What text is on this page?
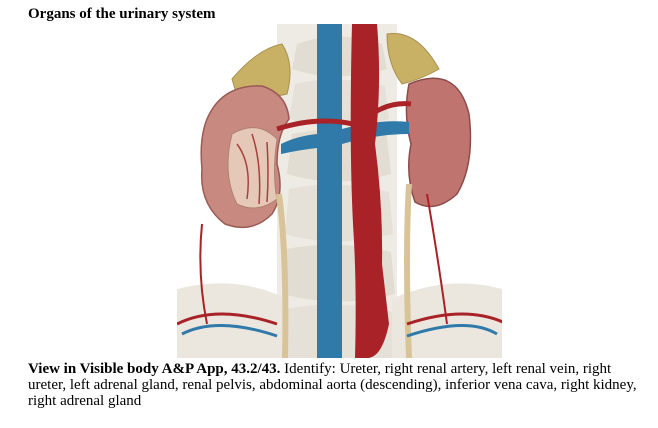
Organs of the urinary system
View in Visible body A&P App, 43.2/43. Identify: Ureter, right renal artery, left renal vein, right ureter, left adrenal gland, renal pelvis, abdominal aorta (descending), inferior vena cava, right kidney, right adrenal gland
